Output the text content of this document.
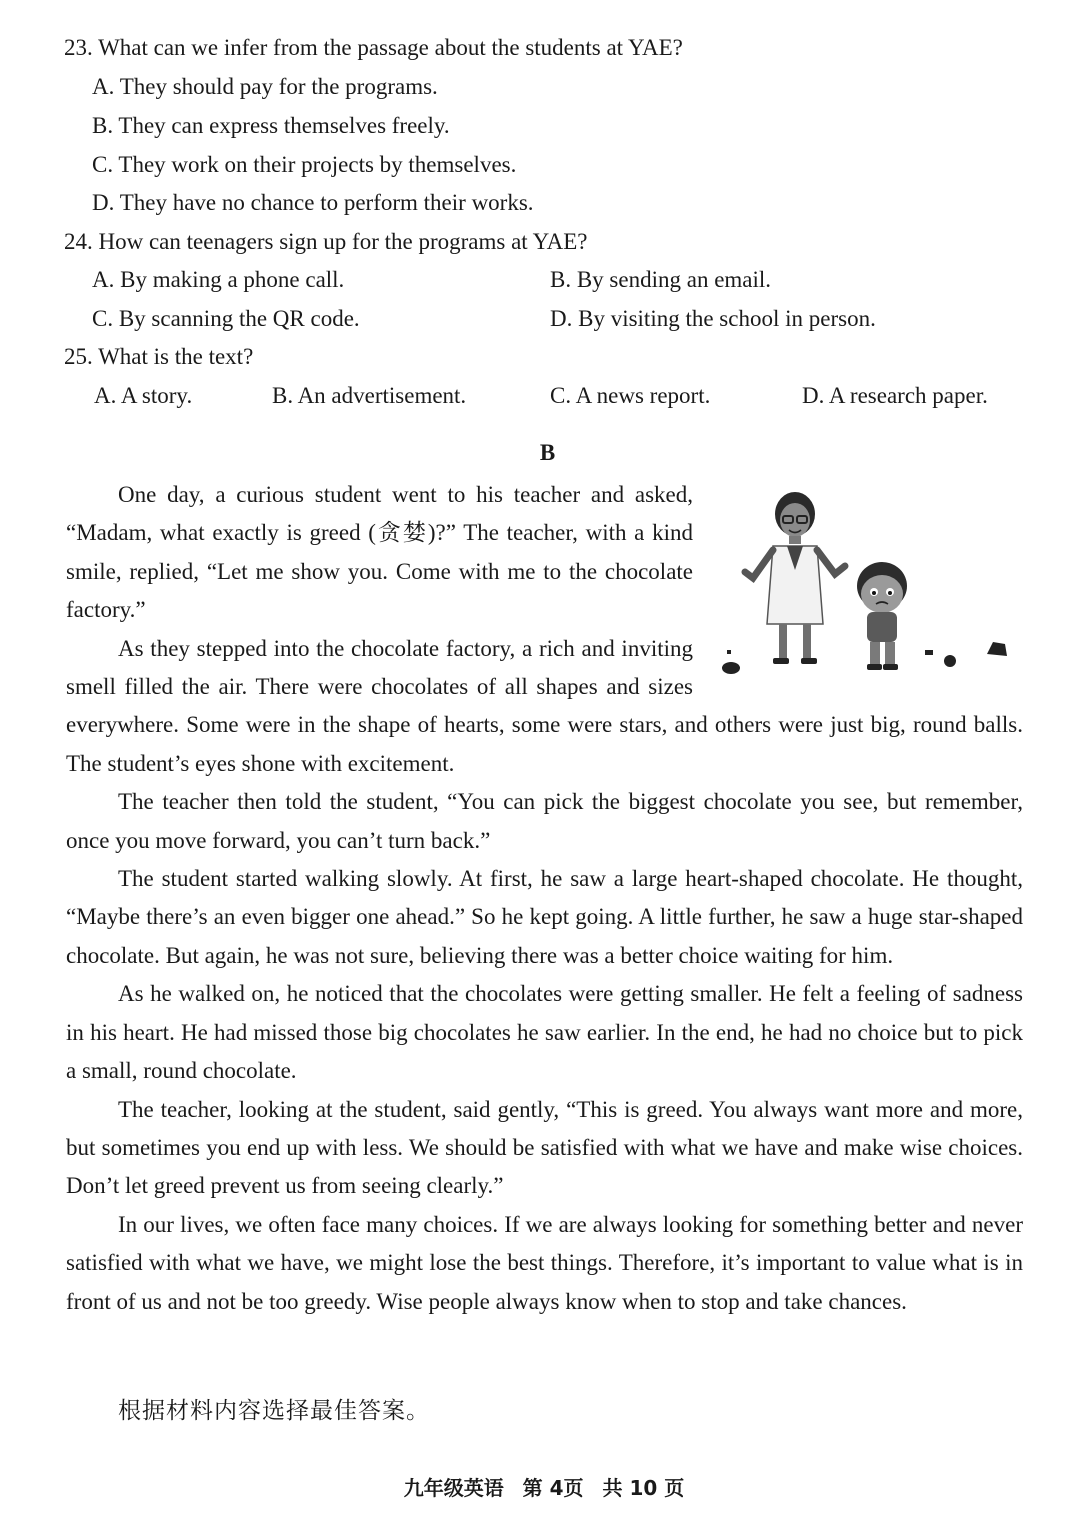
23. What can we infer from the passage about the students at YAE?
A. They should pay for the programs.
B. They can express themselves freely.
C. They work on their projects by themselves.
D. They have no chance to perform their works.
24. How can teenagers sign up for the programs at YAE?
A. By making a phone call.	B. By sending an email.
C. By scanning the QR code.	D. By visiting the school in person.
25. What is the text?
A. A story.	B. An advertisement.	C. A news report.	D. A research paper.
B

One day, a curious student went to his teacher and asked, “Madam, what exactly is greed (贪婪)?” The teacher, with a kind smile, replied, “Let me show you. Come with me to the chocolate factory.”

As they stepped into the chocolate factory, a rich and inviting smell filled the air. There were chocolates of all shapes and sizes everywhere. Some were in the shape of hearts, some were stars, and others were just big, round balls. The student’s eyes shone with excitement.

The teacher then told the student, “You can pick the biggest chocolate you see, but remember, once you move forward, you can’t turn back.”

The student started walking slowly. At first, he saw a large heart-shaped chocolate. He thought, “Maybe there’s an even bigger one ahead.” So he kept going. A little further, he saw a huge star-shaped chocolate. But again, he was not sure, believing there was a better choice waiting for him.

As he walked on, he noticed that the chocolates were getting smaller. He felt a feeling of sadness in his heart. He had missed those big chocolates he saw earlier. In the end, he had no choice but to pick a small, round chocolate.

The teacher, looking at the student, said gently, “This is greed. You always want more and more, but sometimes you end up with less. We should be satisfied with what we have and make wise choices. Don’t let greed prevent us from seeing clearly.”

In our lives, we often face many choices. If we are always looking for something better and never satisfied with what we have, we might lose the best things. Therefore, it’s important to value what is in front of us and not be too greedy. Wise people always know when to stop and take chances.

根据材料内容选择最佳答案。
九年级英语 第 4页 共 10 页
